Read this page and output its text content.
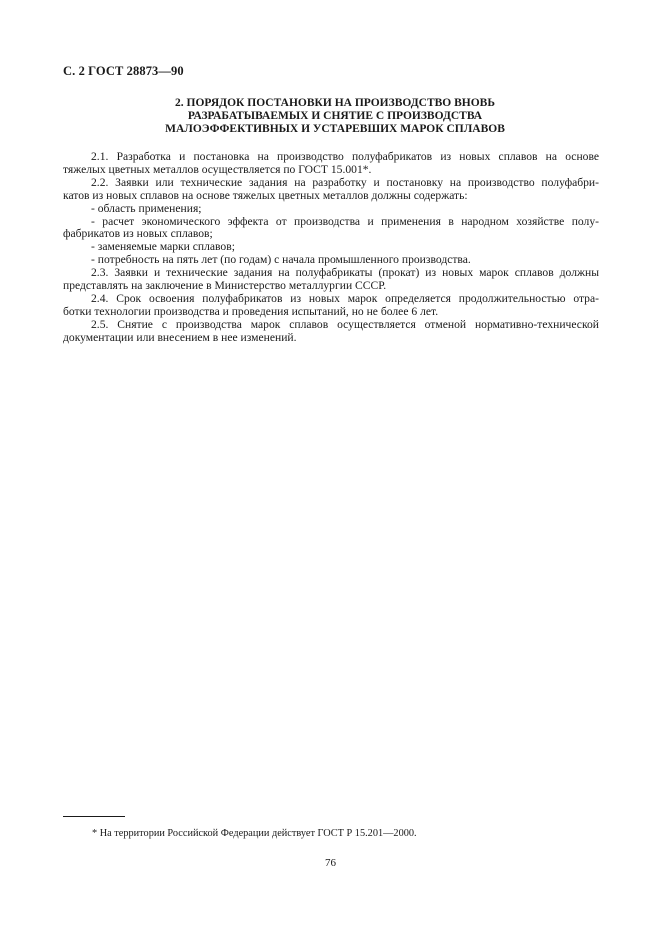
С. 2 ГОСТ 28873—90
2. ПОРЯДОК ПОСТАНОВКИ НА ПРОИЗВОДСТВО ВНОВЬ
РАЗРАБАТЫВАЕМЫХ И СНЯТИЕ С ПРОИЗВОДСТВА
МАЛОЭФФЕКТИВНЫХ И УСТАРЕВШИХ МАРОК СПЛАВОВ
2.1. Разработка и постановка на производство полуфабрикатов из новых сплавов на основе
тяжелых цветных металлов осуществляется по ГОСТ 15.001*.
2.2. Заявки или технические задания на разработку и постановку на производство полуфабри-
катов из новых сплавов на основе тяжелых цветных металлов должны содержать:
- область применения;
- расчет экономического эффекта от производства и применения в народном хозяйстве полу-
фабрикатов из новых сплавов;
- заменяемые марки сплавов;
- потребность на пять лет (по годам) с начала промышленного производства.
2.3. Заявки и технические задания на полуфабрикаты (прокат) из новых марок сплавов должны
представлять на заключение в Министерство металлургии СССР.
2.4. Срок освоения полуфабрикатов из новых марок определяется продолжительностью отра-
ботки технологии производства и проведения испытаний, но не более 6 лет.
2.5. Снятие с производства марок сплавов осуществляется отменой нормативно-технической
документации или внесением в нее изменений.
* На территории Российской Федерации действует ГОСТ Р 15.201—2000.
76
